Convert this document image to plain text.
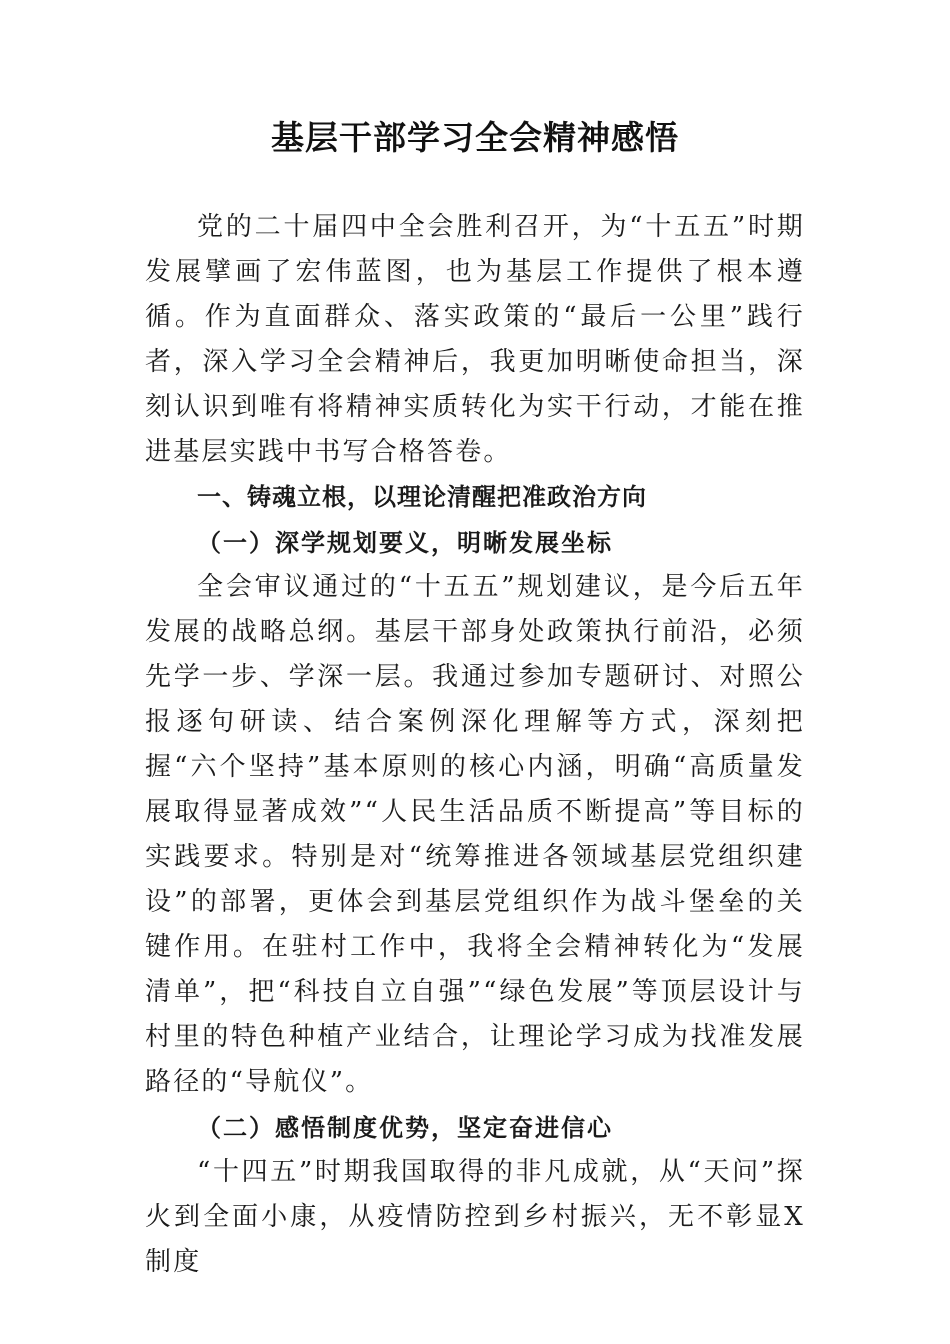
基层干部学习全会精神感悟

党的二十届四中全会胜利召开，为“十五五”时期发展擘画了宏伟蓝图，也为基层工作提供了根本遵循。作为直面群众、落实政策的“最后一公里”践行者，深入学习全会精神后，我更加明晰使命担当，深刻认识到唯有将精神实质转化为实干行动，才能在推进基层实践中书写合格答卷。

一、铸魂立根，以理论清醒把准政治方向

（一）深学规划要义，明晰发展坐标

全会审议通过的“十五五”规划建议，是今后五年发展的战略总纲。基层干部身处政策执行前沿，必须先学一步、学深一层。我通过参加专题研讨、对照公报逐句研读、结合案例深化理解等方式，深刻把握“六个坚持”基本原则的核心内涵，明确“高质量发展取得显著成效”“人民生活品质不断提高”等目标的实践要求。特别是对“统筹推进各领域基层党组织建设”的部署，更体会到基层党组织作为战斗堡垒的关键作用。在驻村工作中，我将全会精神转化为“发展清单”，把“科技自立自强”“绿色发展”等顶层设计与村里的特色种植产业结合，让理论学习成为找准发展路径的“导航仪”。

（二）感悟制度优势，坚定奋进信心

“十四五”时期我国取得的非凡成就，从“天问”探火到全面小康，从疫情防控到乡村振兴，无不彰显X制度
